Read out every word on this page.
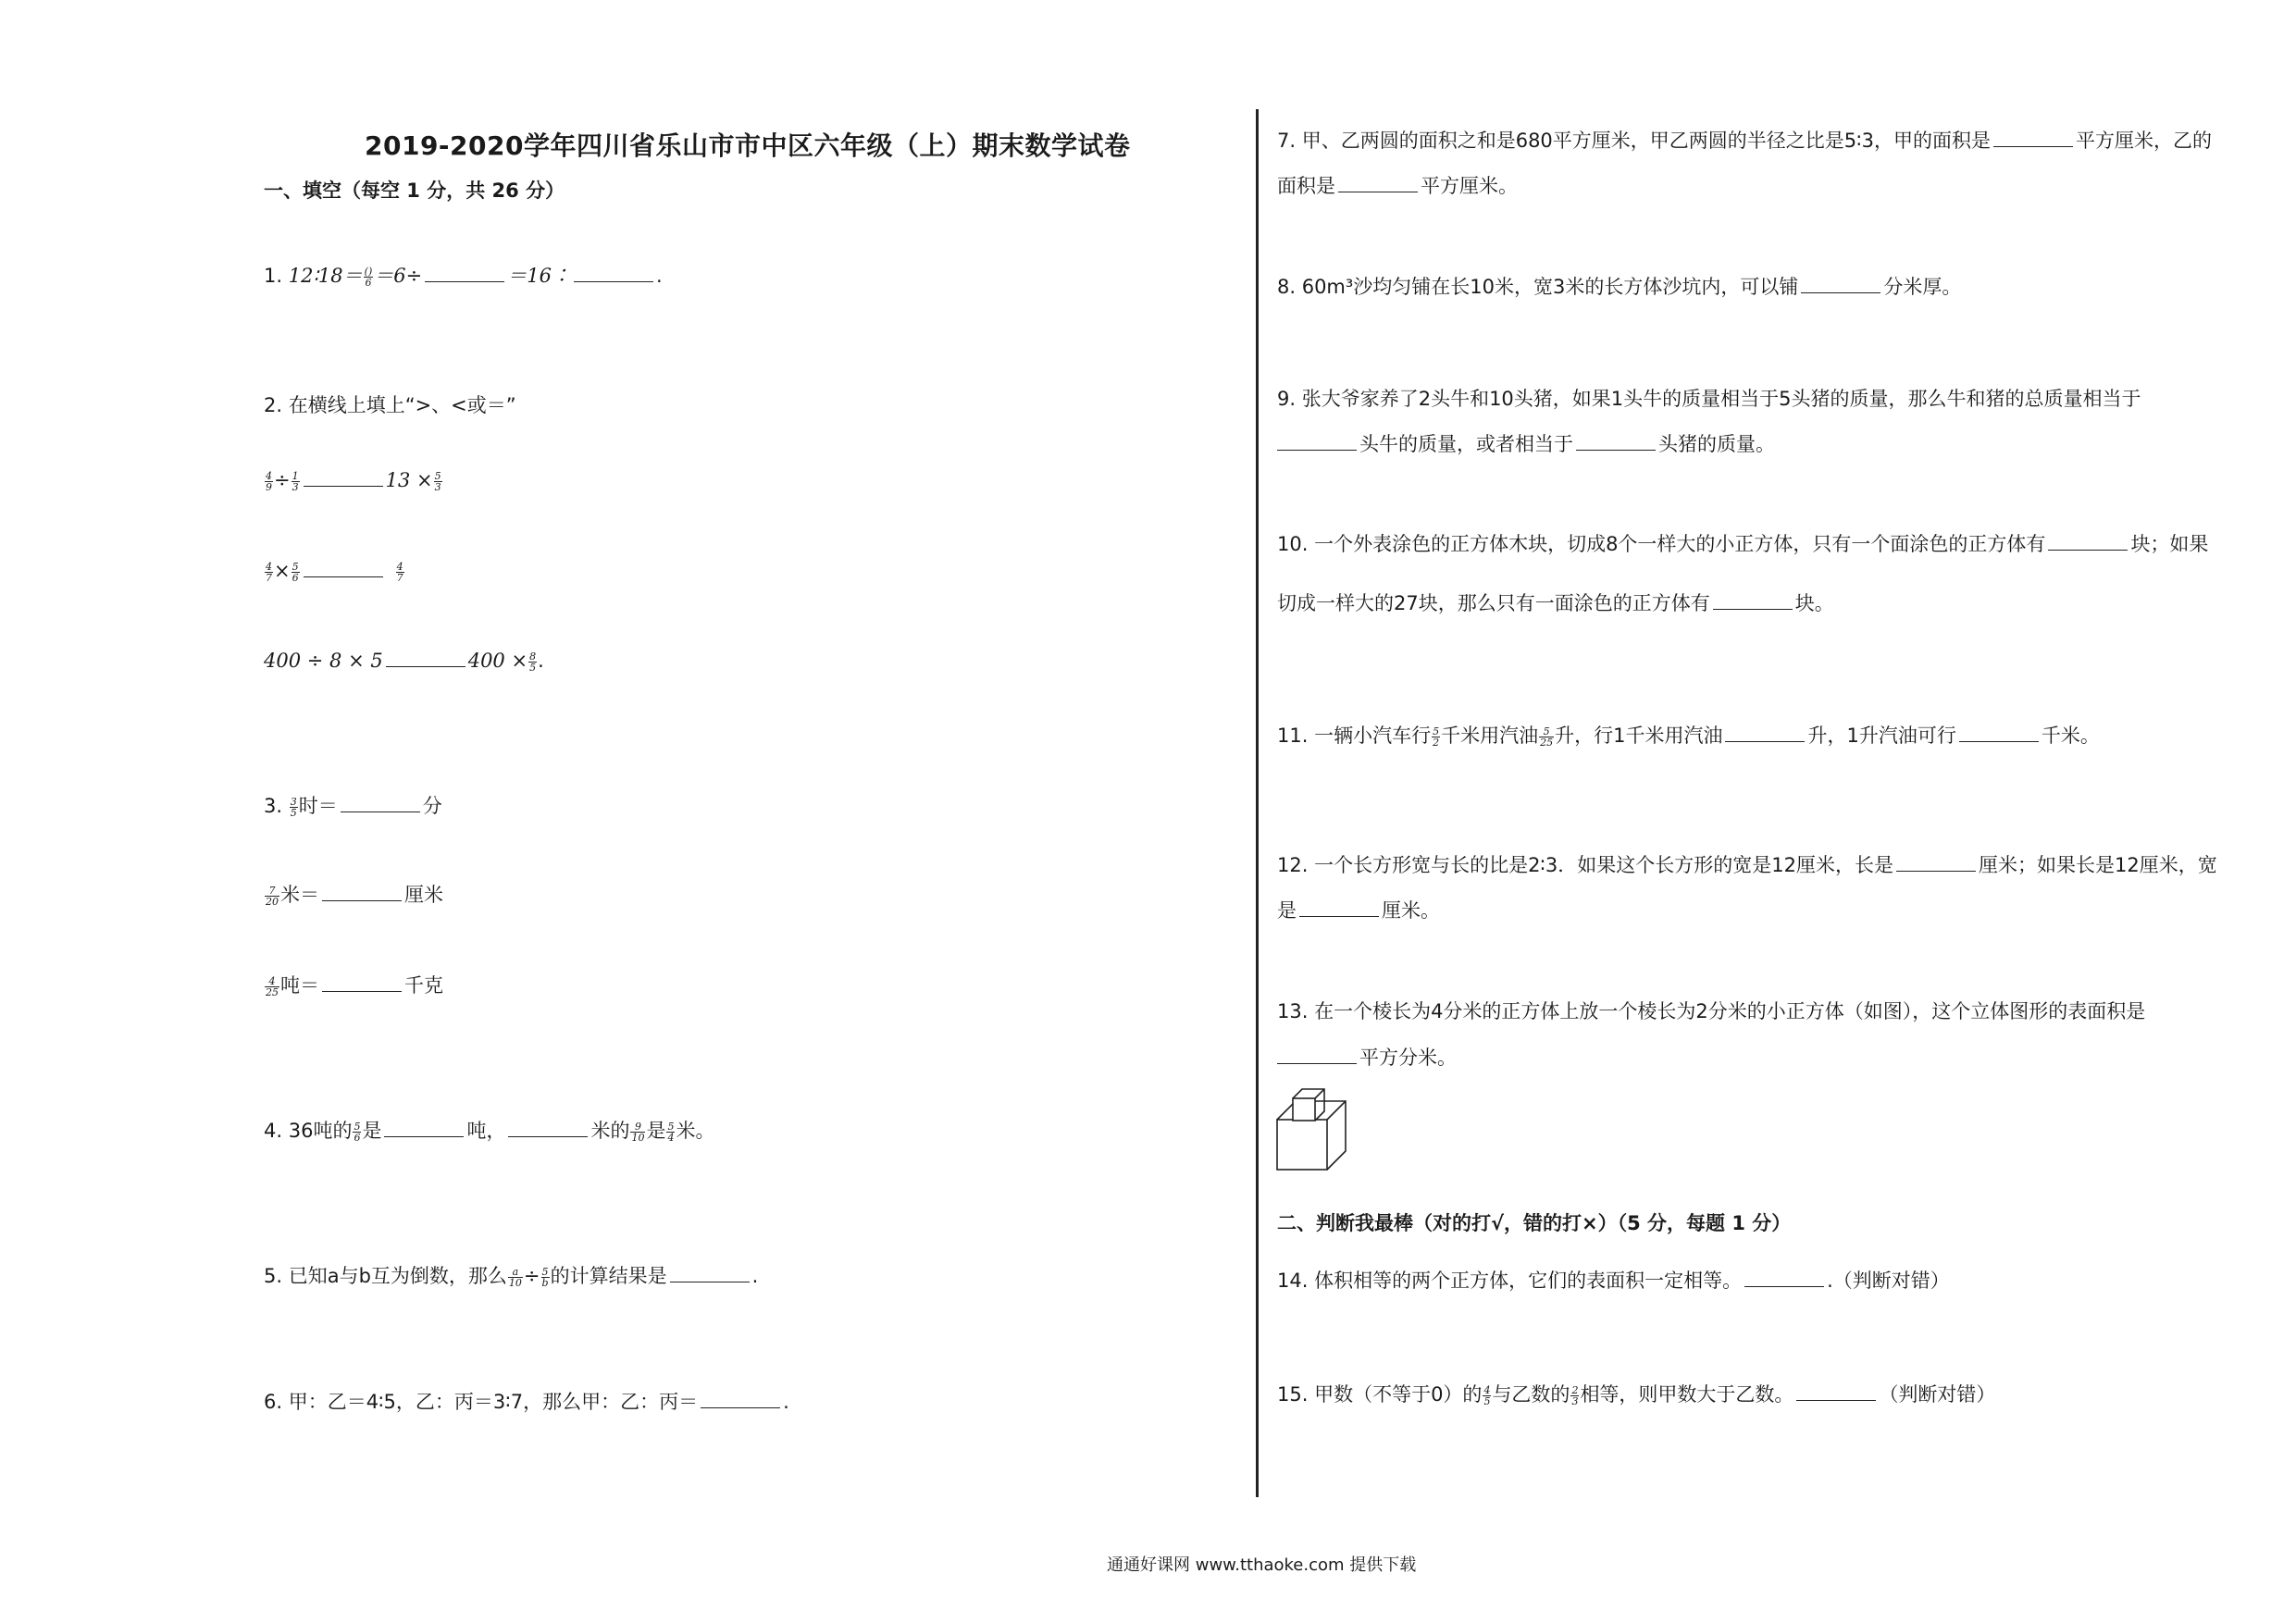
2019-2020学年四川省乐山市市中区六年级（上）期末数学试卷
一、填空（每空 1 分，共 26 分）
1. 12∶18＝ ()
6 ＝6÷	＝16∶	.
2. 在横线上填上“>、<或＝”
$\frac{4}{9} \div \frac{1}{3}$	$13 \times \frac{5}{3}$
$\frac{4}{7} \times \frac{5}{6}$	$\frac{4}{7}$
400 ÷ 8 × 5	$400 \times \frac{8}{5}$ .
3. $\frac{3}{5}$ 时＝	分
$\frac{7}{20}$ 米＝	厘米
$\frac{4}{25}$ 吨＝	千克
4. 36吨的 $\frac{5}{6}$ 是	吨，	米的 $\frac{9}{10}$ 是 $\frac{5}{4}$ 米。
5. 已知a与b互为倒数，那么 $\frac{a}{10} \div \frac{5}{b}$ 的计算结果是	.
6. 甲：乙＝4∶5，乙：丙＝3∶7，那么甲：乙：丙＝	.
7. 甲、乙两圆的面积之和是680平方厘米，甲乙两圆的半径之比是5∶3，甲的面积是	平方厘米，乙的
面积是	平方厘米。
8. 60m³沙均匀铺在长10米，宽3米的长方体沙坑内，可以铺	分米厚。
9. 张大爷家养了2头牛和10头猪，如果1头牛的质量相当于5头猪的质量，那么牛和猪的总质量相当于
头牛的质量，或者相当于	头猪的质量。
10. 一个外表涂色的正方体木块，切成8个一样大的小正方体，只有一个面涂色的正方体有	块；如果
切成一样大的27块，那么只有一面涂色的正方体有	块。
11. 一辆小汽车行 $\frac{5}{2}$ 千米用汽油 $\frac{5}{25}$ 升，行1千米用汽油	升，1升汽油可行	千米。
12. 一个长方形宽与长的比是2∶3．如果这个长方形的宽是12厘米，长是	厘米；如果长是12厘米，宽
是	厘米。
13. 在一个棱长为4分米的正方体上放一个棱长为2分米的小正方体（如图），这个立体图形的表面积是
平方分米。
二、判断我最棒（对的打√，错的打×）（5 分，每题 1 分）
14. 体积相等的两个正方体，它们的表面积一定相等。	.（判断对错）
15. 甲数（不等于0）的 $\frac{4}{5}$ 与乙数的 $\frac{2}{3}$ 相等，则甲数大于乙数。	（判断对错）
通通好课网 www.tthaoke.com 提供下载
